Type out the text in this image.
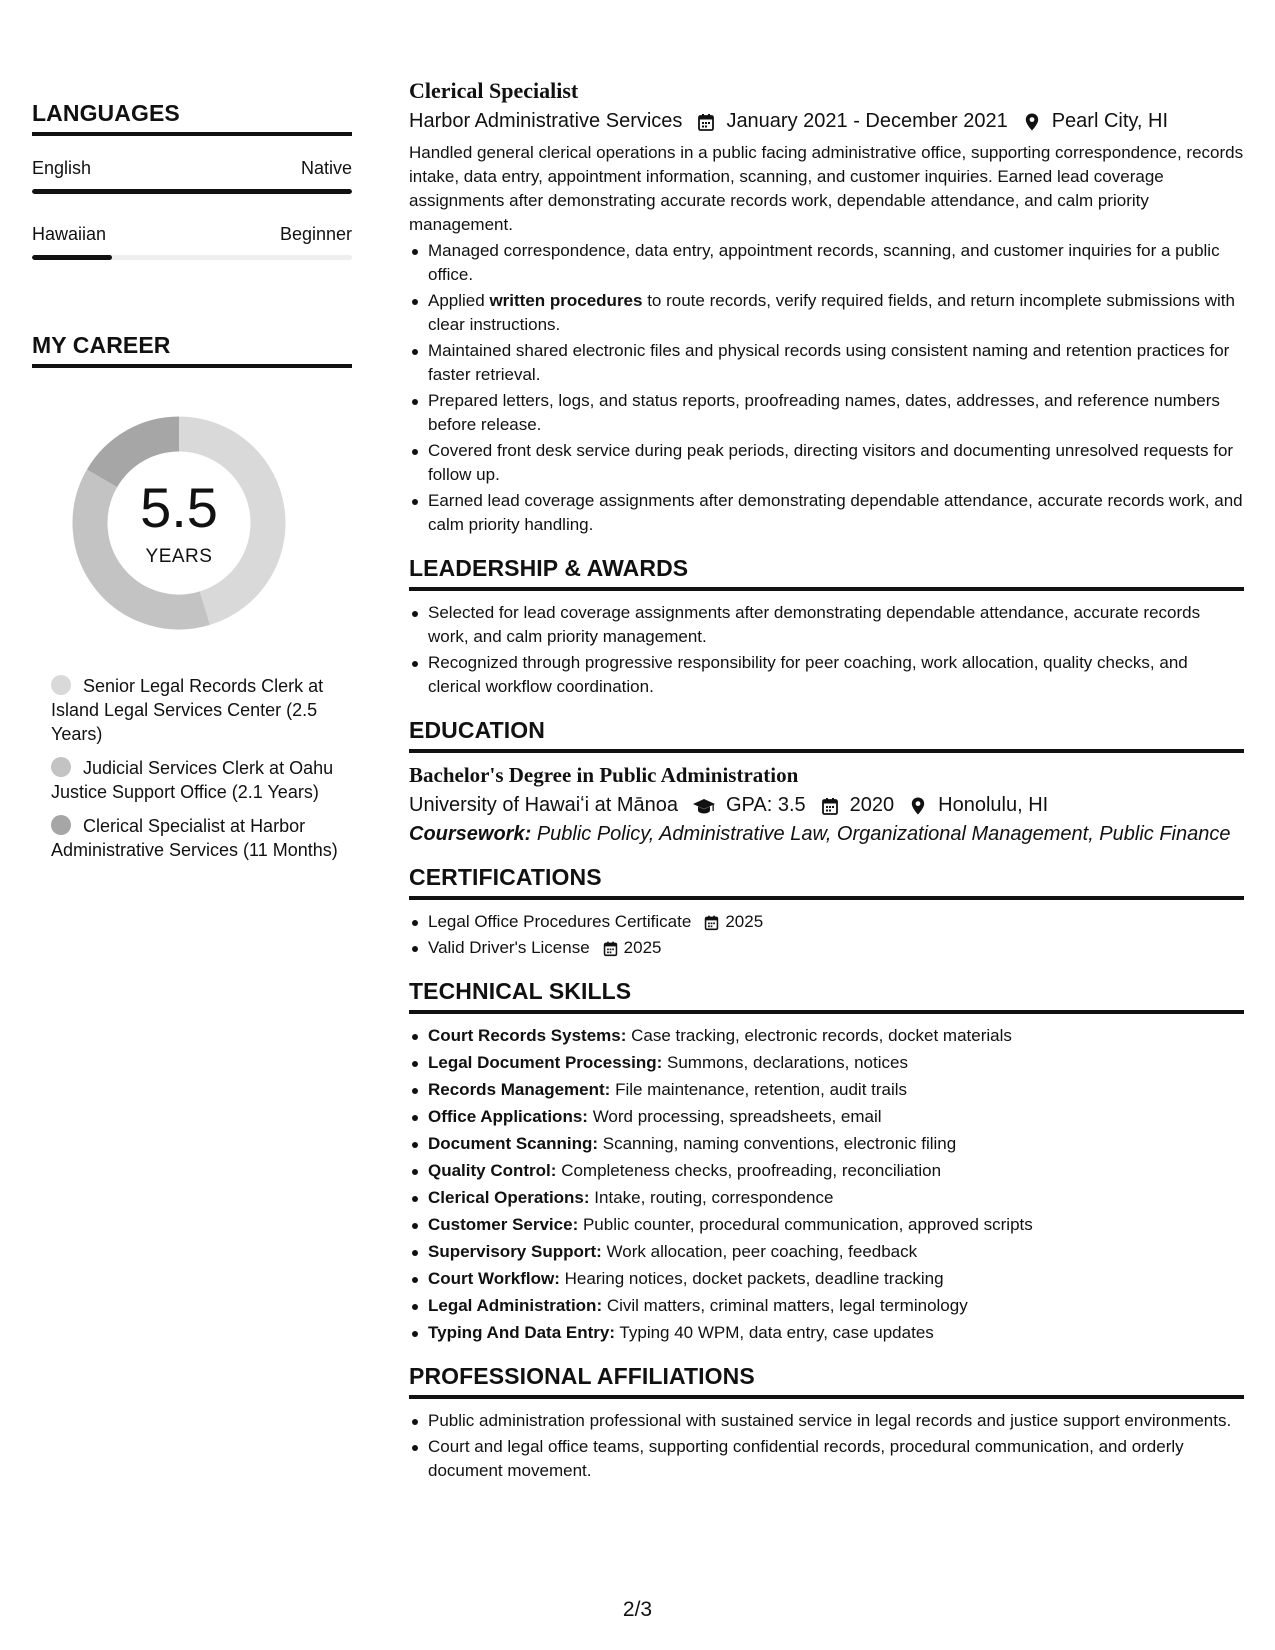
LANGUAGES
English	Native
Hawaiian	Beginner
MY CAREER
5.5
YEARS
Senior Legal Records Clerk at Island Legal Services Center (2.5 Years)
Judicial Services Clerk at Oahu Justice Support Office (2.1 Years)
Clerical Specialist at Harbor Administrative Services (11 Months)
Clerical Specialist
Harbor Administrative Services January 2021 - December 2021 Pearl City, HI
Handled general clerical operations in a public facing administrative office, supporting correspondence, records intake, data entry, appointment information, scanning, and customer inquiries. Earned lead coverage assignments after demonstrating accurate records work, dependable attendance, and calm priority management.
Managed correspondence, data entry, appointment records, scanning, and customer inquiries for a public office.
Applied written procedures to route records, verify required fields, and return incomplete submissions with clear instructions.
Maintained shared electronic files and physical records using consistent naming and retention practices for faster retrieval.
Prepared letters, logs, and status reports, proofreading names, dates, addresses, and reference numbers before release.
Covered front desk service during peak periods, directing visitors and documenting unresolved requests for follow up.
Earned lead coverage assignments after demonstrating dependable attendance, accurate records work, and calm priority handling.
LEADERSHIP & AWARDS
Selected for lead coverage assignments after demonstrating dependable attendance, accurate records work, and calm priority management.
Recognized through progressive responsibility for peer coaching, work allocation, quality checks, and clerical workflow coordination.
EDUCATION
Bachelor's Degree in Public Administration
University of Hawaiʻi at Mānoa GPA: 3.5 2020 Honolulu, HI
Coursework: Public Policy, Administrative Law, Organizational Management, Public Finance
CERTIFICATIONS
Legal Office Procedures Certificate 2025
Valid Driver's License 2025
TECHNICAL SKILLS
Court Records Systems: Case tracking, electronic records, docket materials
Legal Document Processing: Summons, declarations, notices
Records Management: File maintenance, retention, audit trails
Office Applications: Word processing, spreadsheets, email
Document Scanning: Scanning, naming conventions, electronic filing
Quality Control: Completeness checks, proofreading, reconciliation
Clerical Operations: Intake, routing, correspondence
Customer Service: Public counter, procedural communication, approved scripts
Supervisory Support: Work allocation, peer coaching, feedback
Court Workflow: Hearing notices, docket packets, deadline tracking
Legal Administration: Civil matters, criminal matters, legal terminology
Typing And Data Entry: Typing 40 WPM, data entry, case updates
PROFESSIONAL AFFILIATIONS
Public administration professional with sustained service in legal records and justice support environments.
Court and legal office teams, supporting confidential records, procedural communication, and orderly document movement.
2/3
